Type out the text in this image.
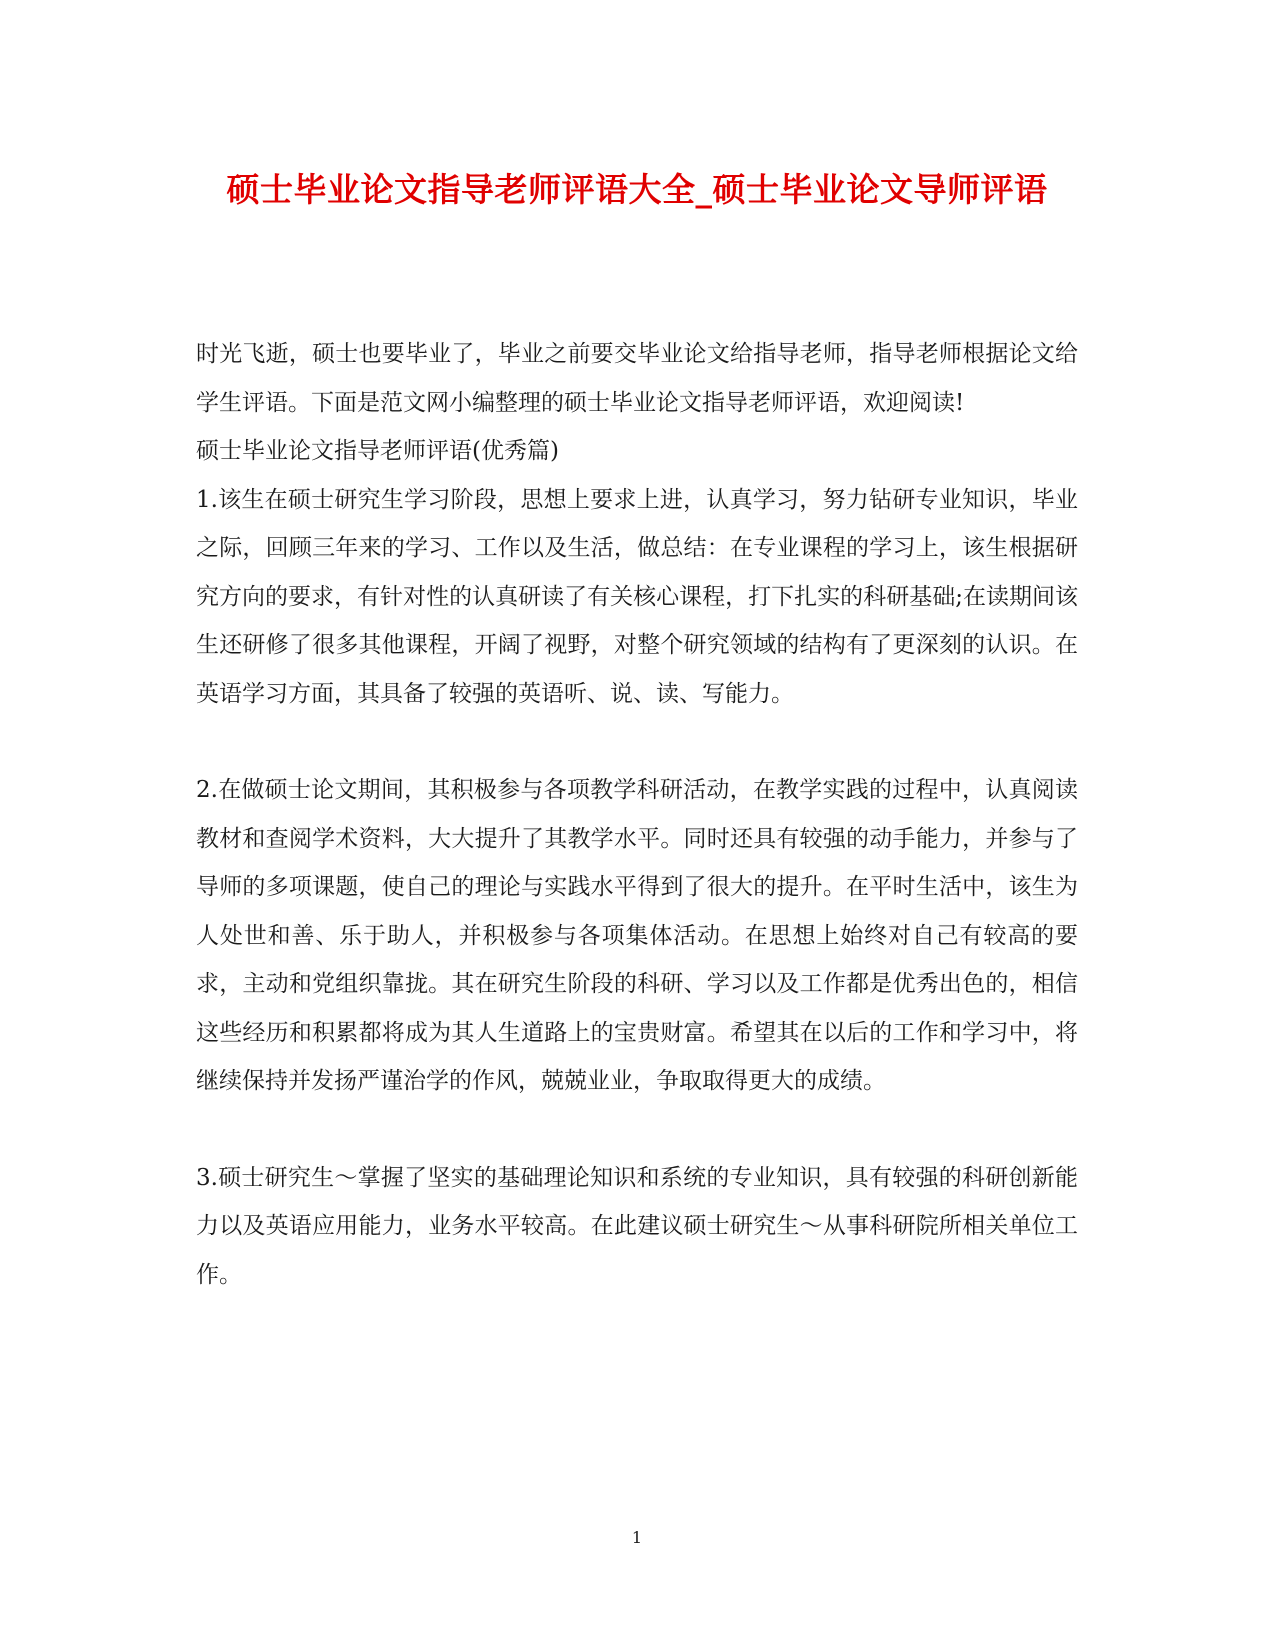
硕士毕业论文指导老师评语大全_硕士毕业论文导师评语

时光飞逝，硕士也要毕业了，毕业之前要交毕业论文给指导老师，指导老师根据论文给学生评语。下面是范文网小编整理的硕士毕业论文指导老师评语，欢迎阅读!

硕士毕业论文指导老师评语(优秀篇)

1.该生在硕士研究生学习阶段，思想上要求上进，认真学习，努力钻研专业知识，毕业之际，回顾三年来的学习、工作以及生活，做总结：在专业课程的学习上，该生根据研究方向的要求，有针对性的认真研读了有关核心课程，打下扎实的科研基础;在读期间该生还研修了很多其他课程，开阔了视野，对整个研究领域的结构有了更深刻的认识。在英语学习方面，其具备了较强的英语听、说、读、写能力。

2.在做硕士论文期间，其积极参与各项教学科研活动，在教学实践的过程中，认真阅读教材和查阅学术资料，大大提升了其教学水平。同时还具有较强的动手能力，并参与了导师的多项课题，使自己的理论与实践水平得到了很大的提升。在平时生活中，该生为人处世和善、乐于助人，并积极参与各项集体活动。在思想上始终对自己有较高的要求，主动和党组织靠拢。其在研究生阶段的科研、学习以及工作都是优秀出色的，相信这些经历和积累都将成为其人生道路上的宝贵财富。希望其在以后的工作和学习中，将继续保持并发扬严谨治学的作风，兢兢业业，争取取得更大的成绩。

3.硕士研究生～掌握了坚实的基础理论知识和系统的专业知识，具有较强的科研创新能力以及英语应用能力，业务水平较高。在此建议硕士研究生～从事科研院所相关单位工作。

1
